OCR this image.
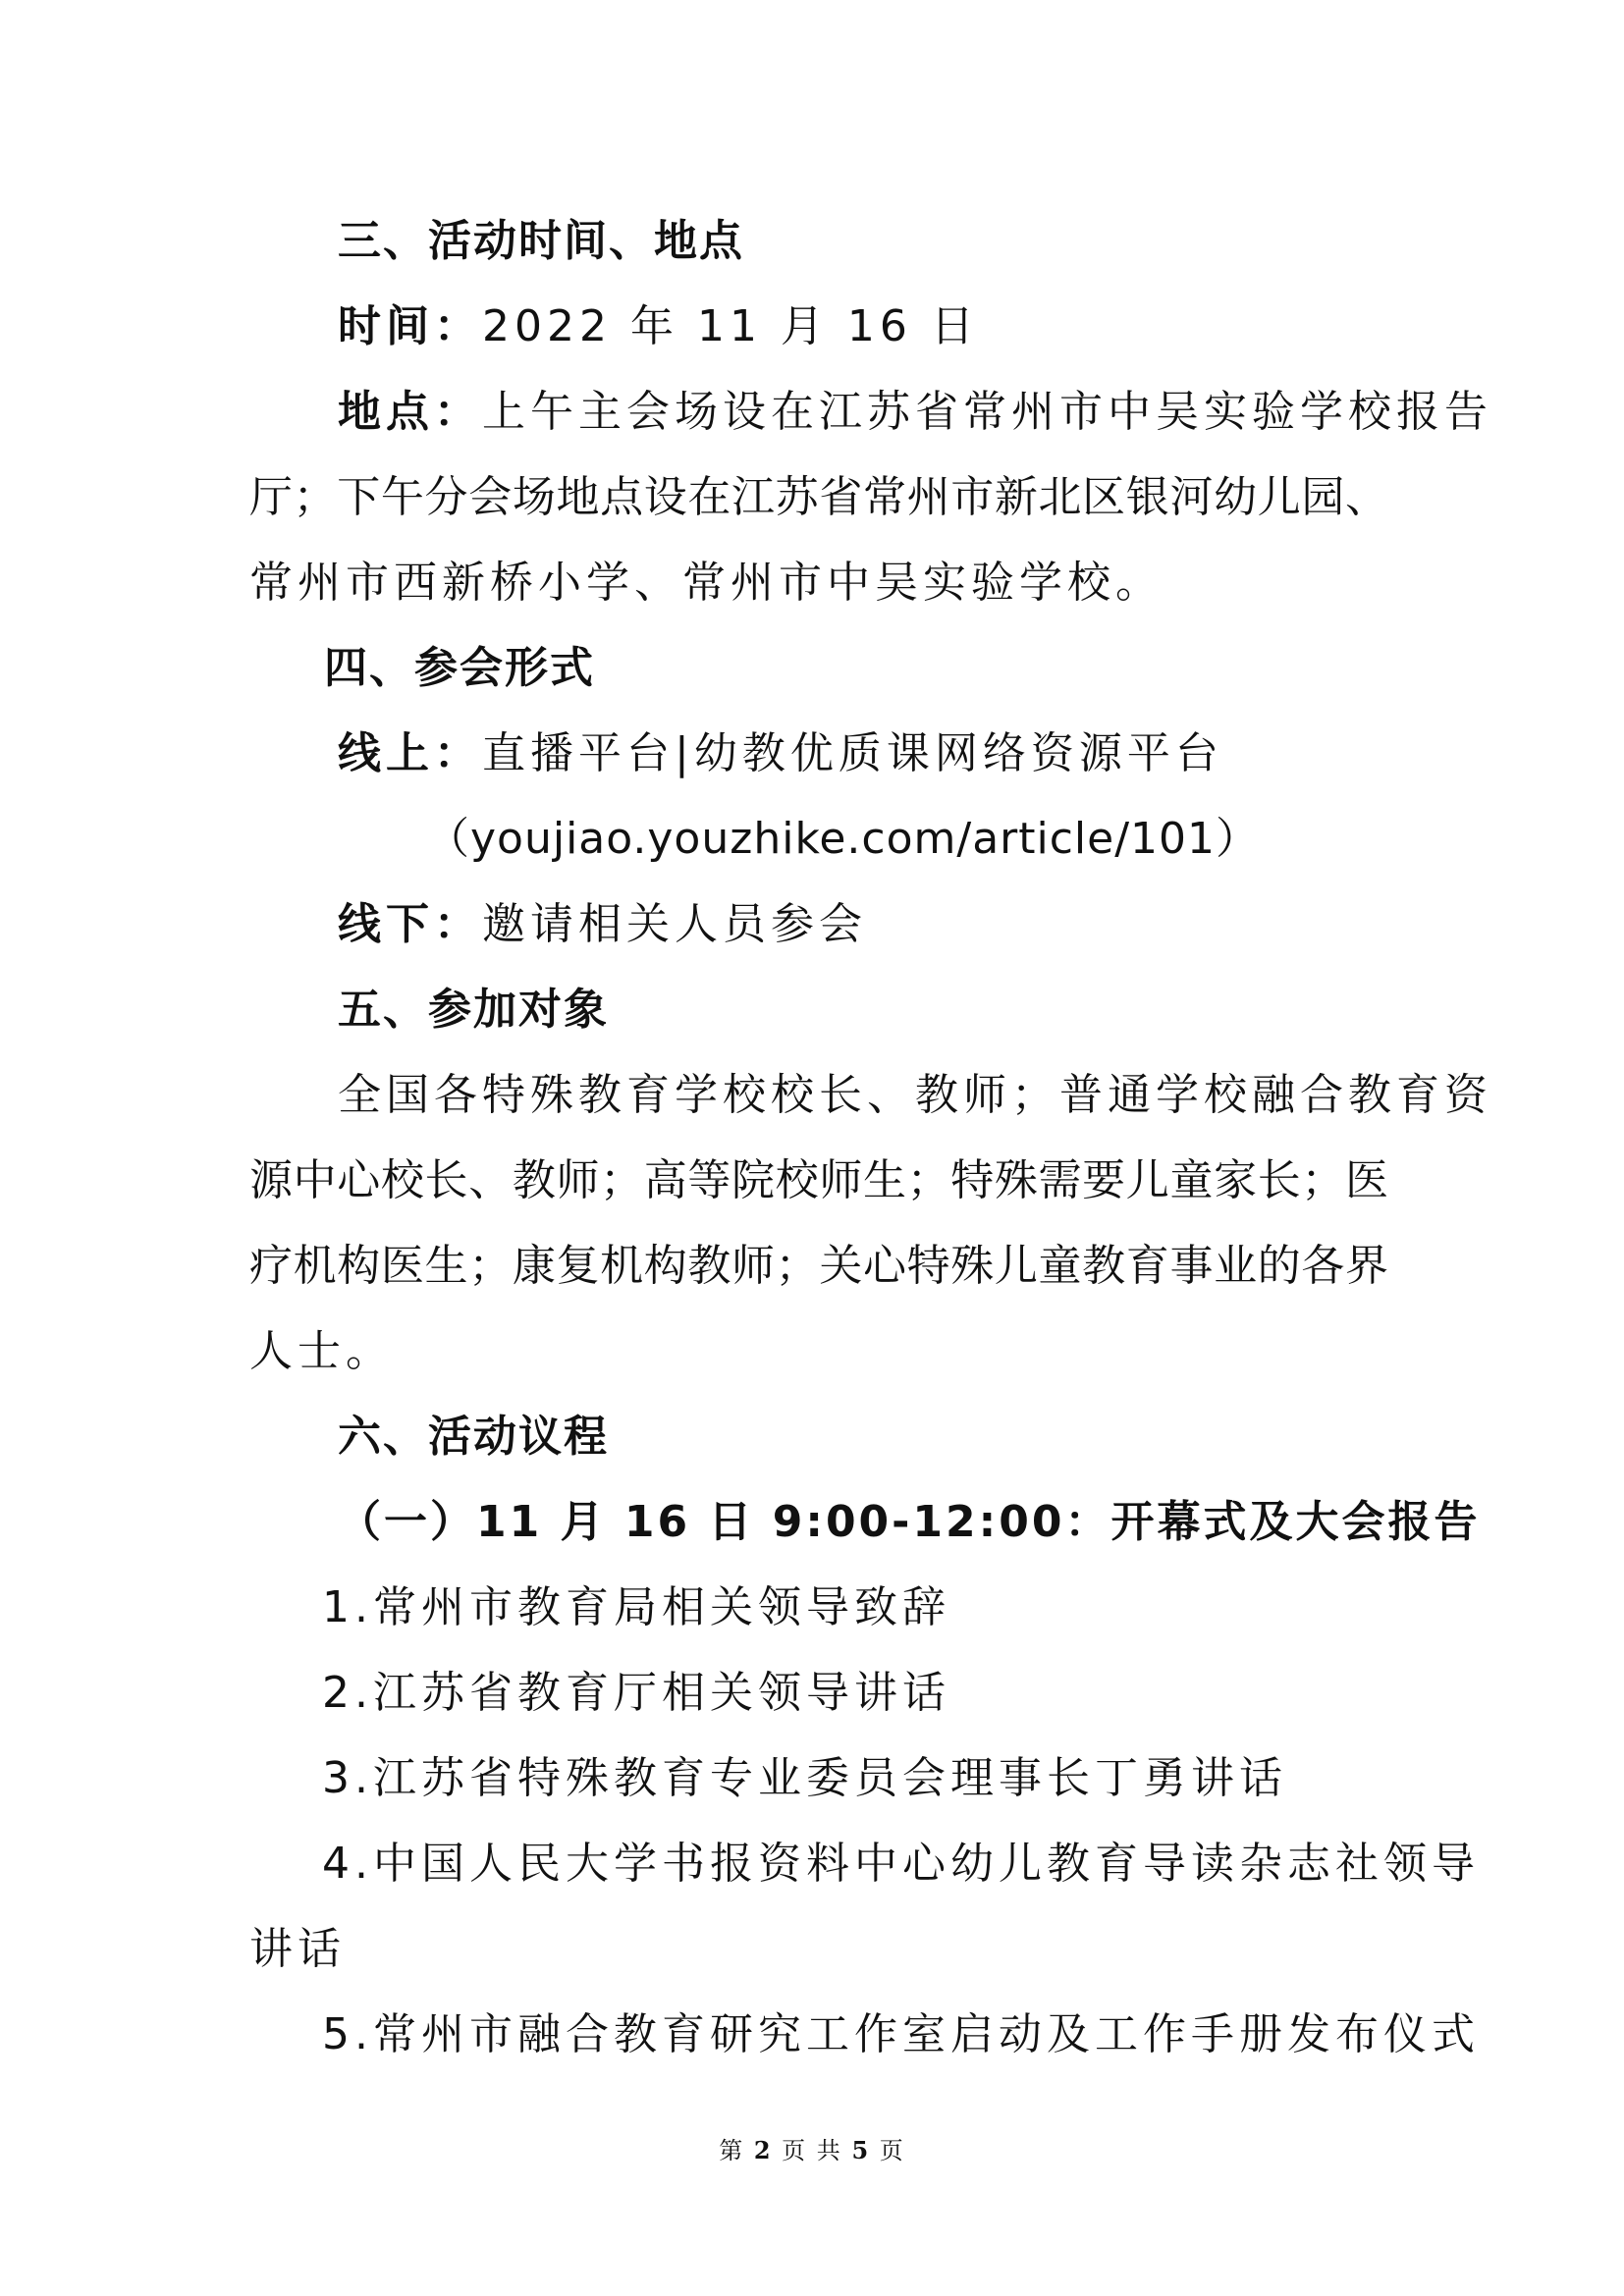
三、活动时间、地点
时间：2022 年 11 月 16 日
地点：上午主会场设在江苏省常州市中吴实验学校报告
厅；下午分会场地点设在江苏省常州市新北区银河幼儿园、
常州市西新桥小学、常州市中吴实验学校。
四、参会形式
线上：直播平台|幼教优质课网络资源平台
（youjiao.youzhike.com/article/101）
线下：邀请相关人员参会
五、参加对象
全国各特殊教育学校校长、教师；普通学校融合教育资
源中心校长、教师；高等院校师生；特殊需要儿童家长；医
疗机构医生；康复机构教师；关心特殊儿童教育事业的各界
人士。
六、活动议程
（一）11 月 16 日 9:00-12:00：开幕式及大会报告
1.常州市教育局相关领导致辞
2.江苏省教育厅相关领导讲话
3.江苏省特殊教育专业委员会理事长丁勇讲话
4.中国人民大学书报资料中心幼儿教育导读杂志社领导
讲话
5.常州市融合教育研究工作室启动及工作手册发布仪式
第 2 页 共 5 页
